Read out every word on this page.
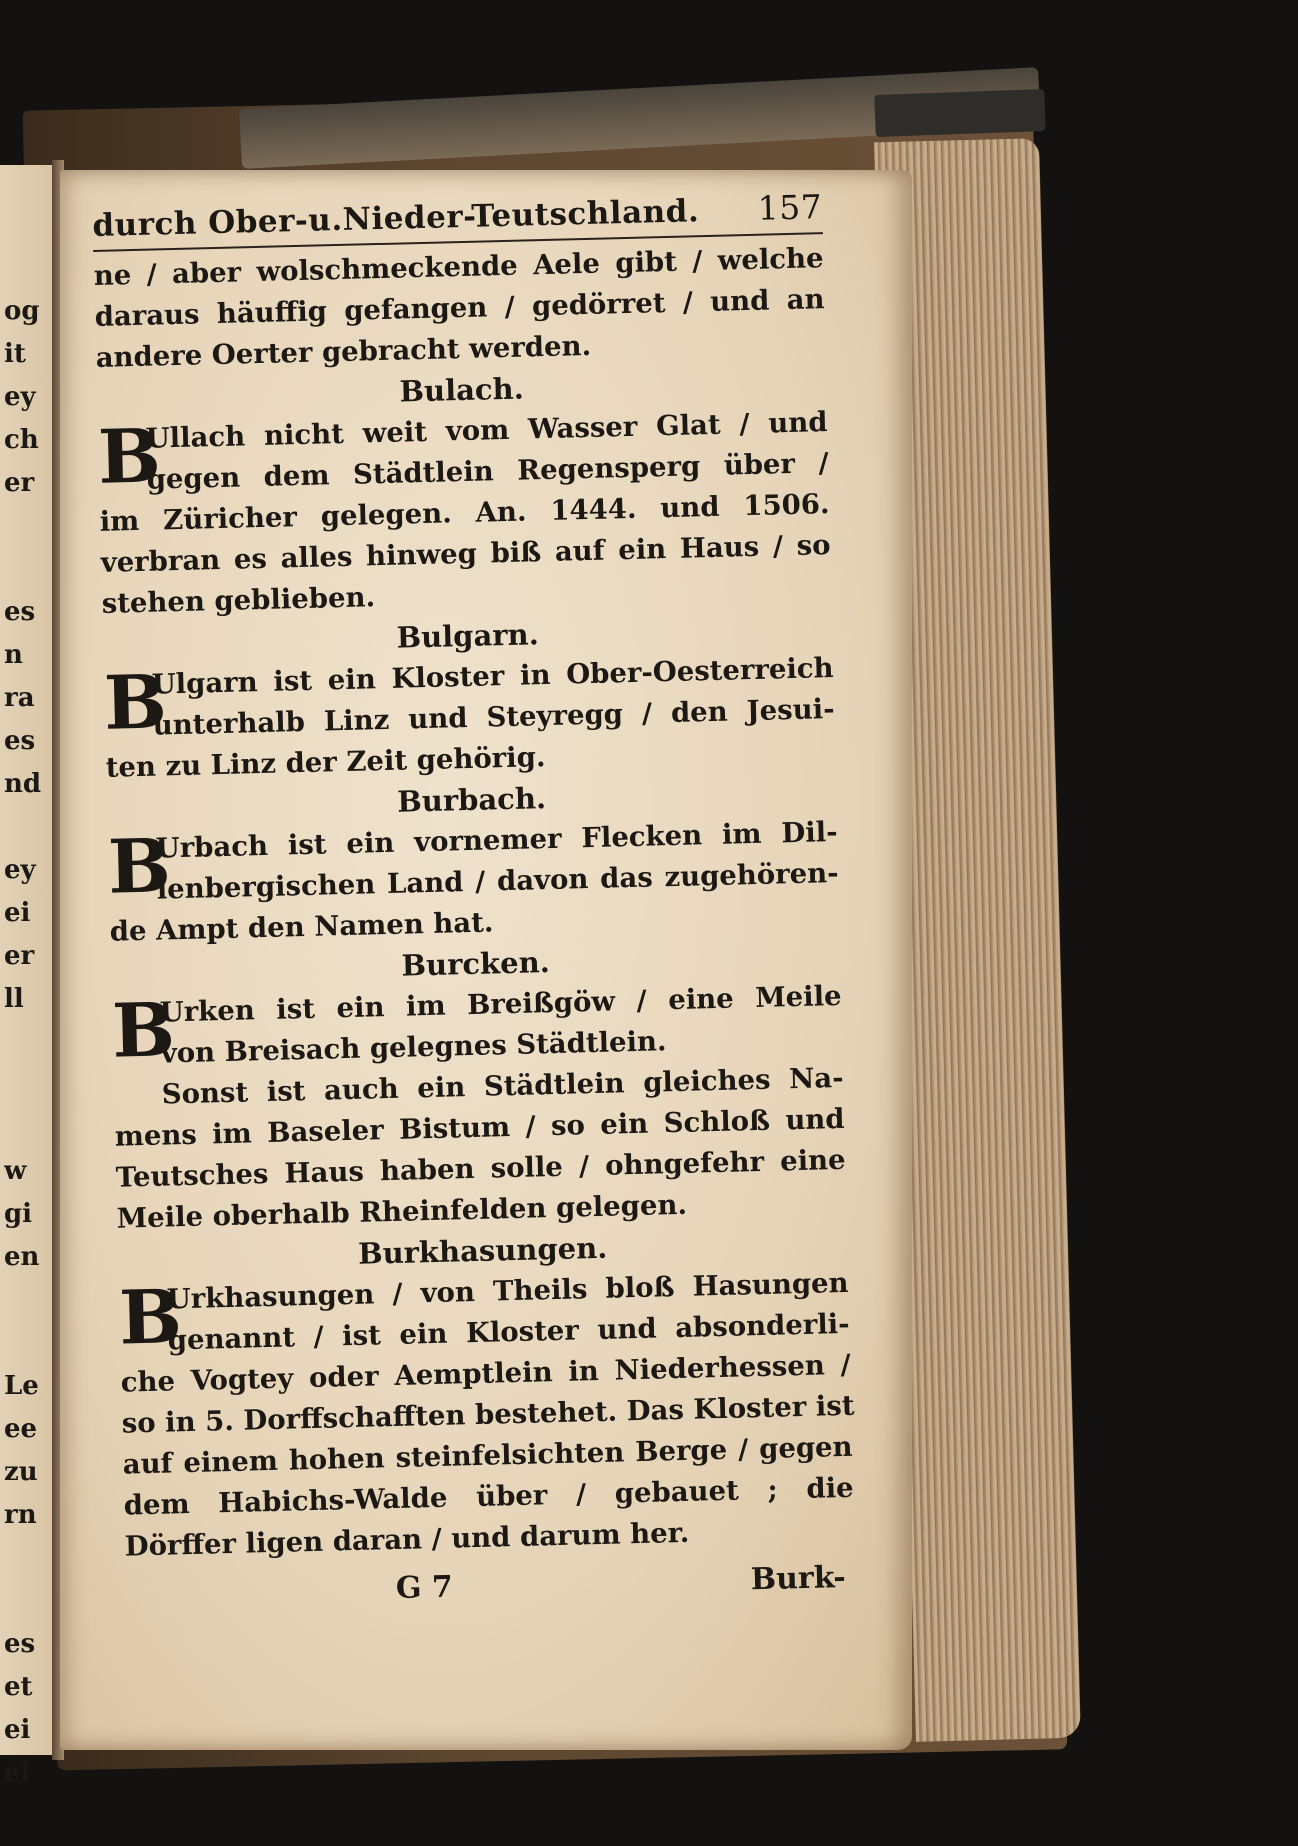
og
it
ey
ch
er
es
n
ra
es
nd
ey
ei
er
ll
w
gi
en
Le
ee
zu
rn
es
et
ei
el
durch Ober-u.Nieder-Teutschland. 157
ne / aber wolschmeckende Aele gibt / welche
daraus häuffig gefangen / gedörret / und an
andere Oerter gebracht werden.
Bulach.
B
Ullach nicht weit vom Wasser Glat / und
gegen dem Städtlein Regensperg über /
im Züricher gelegen. An. 1444. und 1506.
verbran es alles hinweg biß auf ein Haus / so
stehen geblieben.
Bulgarn.
B
Ulgarn ist ein Kloster in Ober-Oesterreich
unterhalb Linz und Steyregg / den Jesui-
ten zu Linz der Zeit gehörig.
Burbach.
B
Urbach ist ein vornemer Flecken im Dil-
lenbergischen Land / davon das zugehören-
de Ampt den Namen hat.
Burcken.
B
Urken ist ein im Breißgöw / eine Meile
von Breisach gelegnes Städtlein.
Sonst ist auch ein Städtlein gleiches Na-
mens im Baseler Bistum / so ein Schloß und
Teutsches Haus haben solle / ohngefehr eine
Meile oberhalb Rheinfelden gelegen.
Burkhasungen.
B
Urkhasungen / von Theils bloß Hasungen
genannt / ist ein Kloster und absonderli-
che Vogtey oder Aemptlein in Niederhessen /
so in 5. Dorffschafften bestehet. Das Kloster ist
auf einem hohen steinfelsichten Berge / gegen
dem Habichs-Walde über / gebauet ; die
Dörffer ligen daran / und darum her.
G 7	Burk-
